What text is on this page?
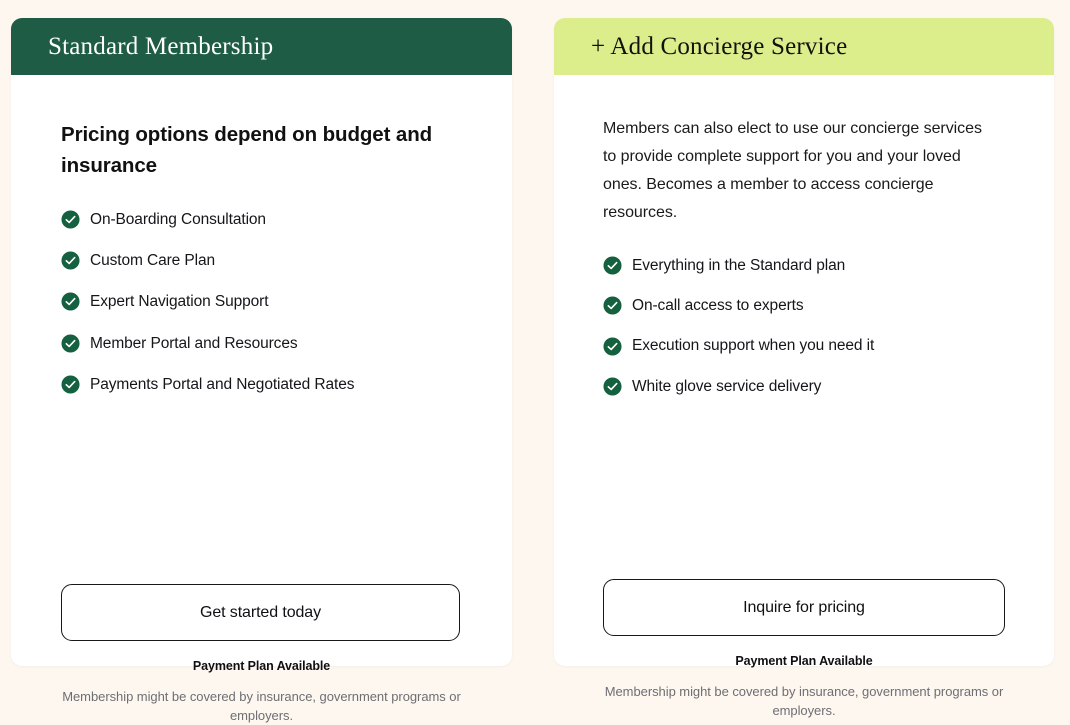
Standard Membership
Pricing options depend on budget and insurance
On-Boarding Consultation
Custom Care Plan
Expert Navigation Support
Member Portal and Resources
Payments Portal and Negotiated Rates
Get started today
Payment Plan Available
Membership might be covered by insurance, government programs or employers.
+ Add Concierge Service

Members can also elect to use our concierge services to provide complete support for you and your loved ones. Becomes a member to access concierge resources.

Everything in the Standard plan
On-call access to experts
Execution support when you need it
White glove service delivery
Inquire for pricing
Payment Plan Available
Membership might be covered by insurance, government programs or employers.
